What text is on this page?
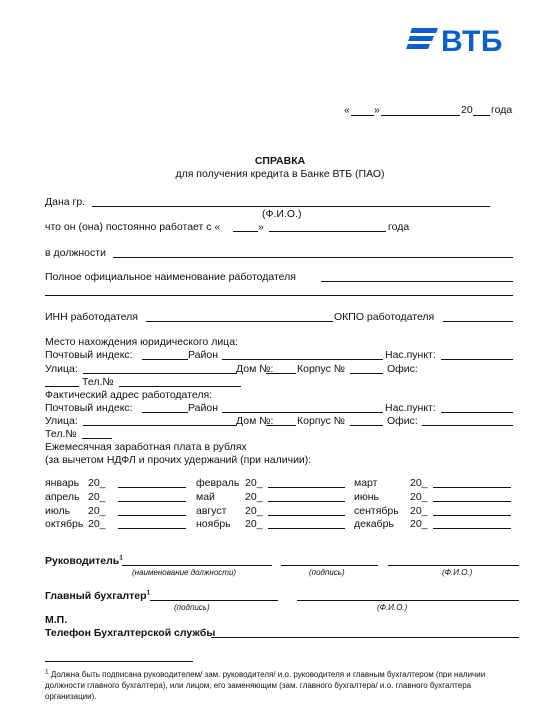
ВТБ
« »	20 года
СПРАВКА
для получения кредита в Банке ВТБ (ПАО)
Дана гр.
(Ф.И.О.)
что он (она) постоянно работает с «	»	года
в должности
Полное официальное наименование работодателя
ИНН работодателя	ОКПО работодателя
Место нахождения юридического лица:
Почтовый индекс:	Район	Нас.пункт:
Улица:	Дом №: Корпус №	Офис:
Тел.№
Фактический адрес работодателя:
Почтовый индекс:	Район	Нас.пункт:
Улица:	Дом №: Корпус №	Офис:
Тел.№
Ежемесячная заработная плата в рублях
(за вычетом НДФЛ и прочих удержаний (при наличии):
январь 20_	февраль 20_	март	20_
апрель 20_	май	20_	июнь	20_
июль 20_	август 20_	сентябрь 20_
октябрь 20_	ноябрь 20_	декабрь 20_
Руководитель$^1$
(наименование должности)	(подпись)	(Ф.И.О.)
Главный бухгалтер$^1$
(подпись)	(Ф.И.О.)
М.П.
Телефон Бухгалтерской службы
$^1$ Должна быть подписана руководителем/ зам. руководителя/ и.о. руководителя и главным бухгалтером (при наличии
должности главного бухгалтера), или лицом, его заменяющим (зам. главного бухгалтера/ и.о. главного бухгалтера
организации).
